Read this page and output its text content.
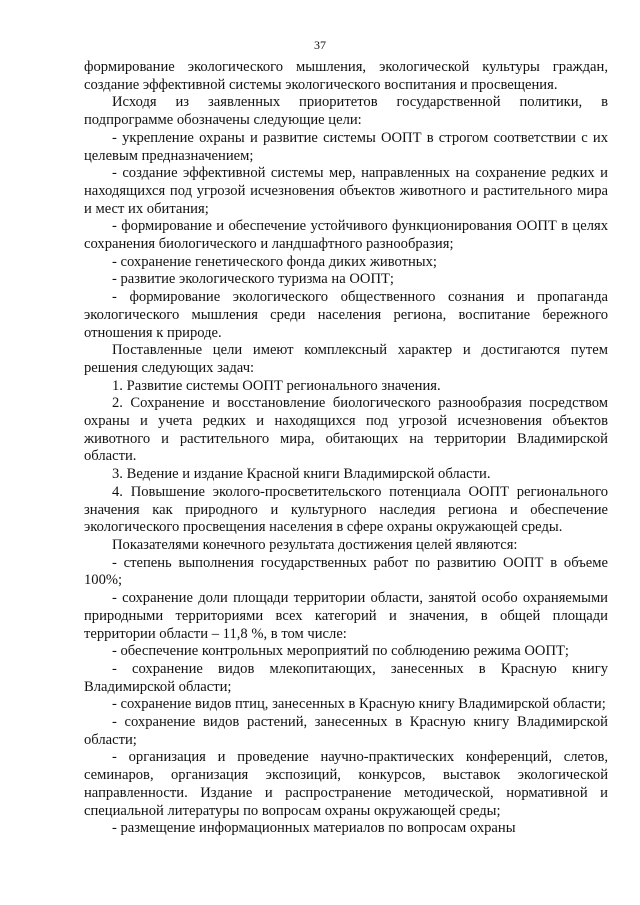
37

формирование экологического мышления, экологической культуры граждан, создание эффективной системы экологического воспитания и просвещения.

Исходя из заявленных приоритетов государственной политики, в подпрограмме обозначены следующие цели:

- укрепление охраны и развитие системы ООПТ в строгом соответствии с их целевым предназначением;

- создание эффективной системы мер, направленных на сохранение редких и находящихся под угрозой исчезновения объектов животного и растительного мира и мест их обитания;

- формирование и обеспечение устойчивого функционирования ООПТ в целях сохранения биологического и ландшафтного разнообразия;

- сохранение генетического фонда диких животных;

- развитие экологического туризма на ООПТ;

- формирование экологического общественного сознания и пропаганда экологического мышления среди населения региона, воспитание бережного отношения к природе.

Поставленные цели имеют комплексный характер и достигаются путем решения следующих задач:

1. Развитие системы ООПТ регионального значения.

2. Сохранение и восстановление биологического разнообразия посредством охраны и учета редких и находящихся под угрозой исчезновения объектов животного и растительного мира, обитающих на территории Владимирской области.

3. Ведение и издание Красной книги Владимирской области.

4. Повышение эколого-просветительского потенциала ООПТ регионального значения как природного и культурного наследия региона и обеспечение экологического просвещения населения в сфере охраны окружающей среды.

Показателями конечного результата достижения целей являются:

- степень выполнения государственных работ по развитию ООПТ в объеме 100%;

- сохранение доли площади территории области, занятой особо охраняемыми природными территориями всех категорий и значения, в общей площади территории области – 11,8 %, в том числе:

- обеспечение контрольных мероприятий по соблюдению режима ООПТ;

- сохранение видов млекопитающих, занесенных в Красную книгу Владимирской области;

- сохранение видов птиц, занесенных в Красную книгу Владимирской области;

- сохранение видов растений, занесенных в Красную книгу Владимирской области;

- организация и проведение научно-практических конференций, слетов, семинаров, организация экспозиций, конкурсов, выставок экологической направленности. Издание и распространение методической, нормативной и специальной литературы по вопросам охраны окружающей среды;

- размещение информационных материалов по вопросам охраны
